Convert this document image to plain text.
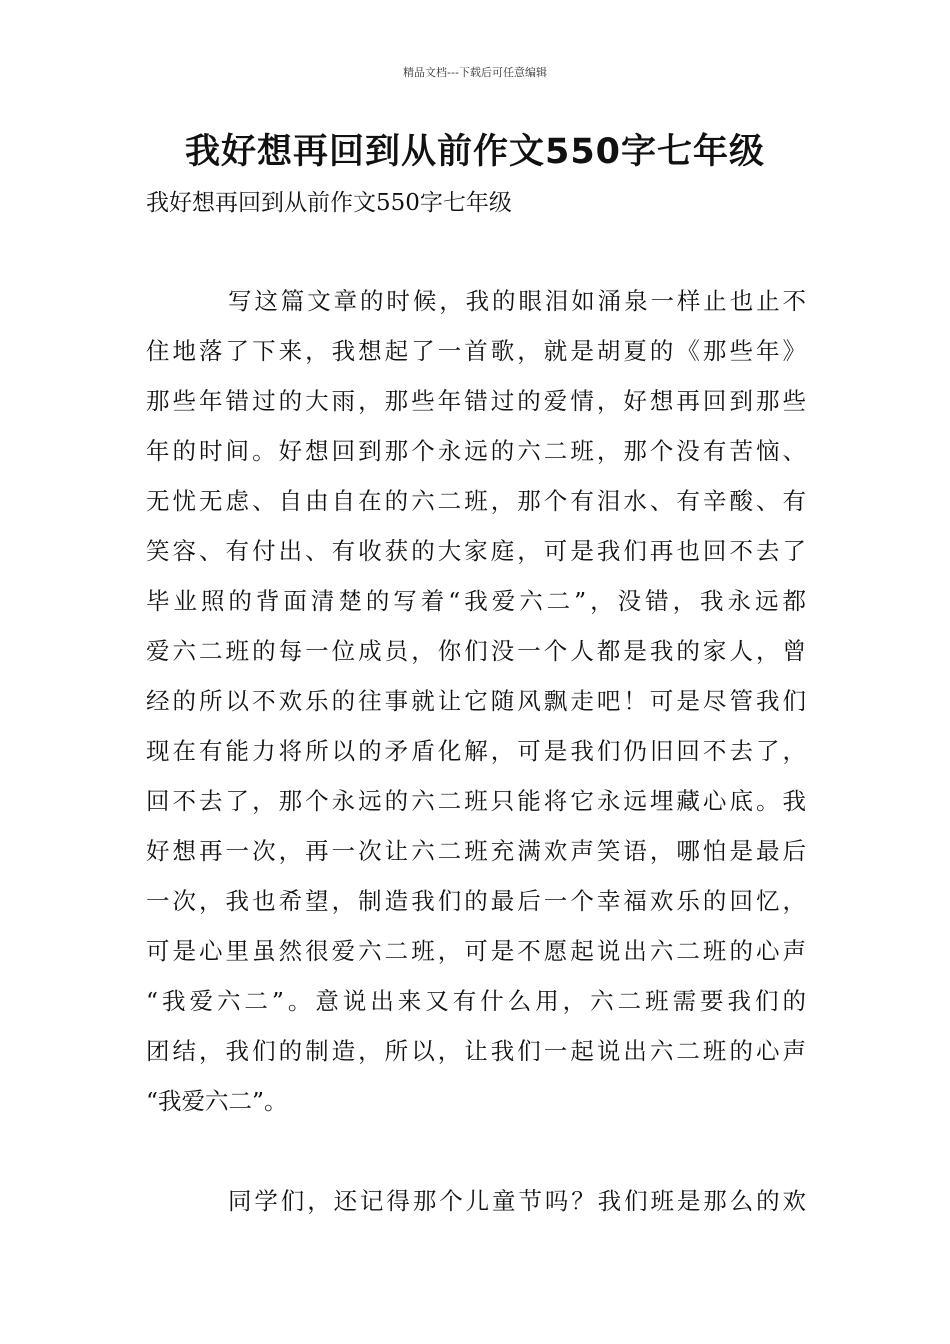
精品文档---下载后可任意编辑
我好想再回到从前作文550字七年级
我好想再回到从前作文550字七年级
写这篇文章的时候，我的眼泪如涌泉一样止也止不
住地落了下来，我想起了一首歌，就是胡夏的《那些年》
那些年错过的大雨，那些年错过的爱情，好想再回到那些
年的时间。好想回到那个永远的六二班，那个没有苦恼、
无忧无虑、自由自在的六二班，那个有泪水、有辛酸、有
笑容、有付出、有收获的大家庭，可是我们再也回不去了
毕业照的背面清楚的写着“我爱六二”，没错，我永远都
爱六二班的每一位成员，你们没一个人都是我的家人，曾
经的所以不欢乐的往事就让它随风飘走吧！可是尽管我们
现在有能力将所以的矛盾化解，可是我们仍旧回不去了，
回不去了，那个永远的六二班只能将它永远埋藏心底。我
好想再一次，再一次让六二班充满欢声笑语，哪怕是最后
一次，我也希望，制造我们的最后一个幸福欢乐的回忆，
可是心里虽然很爱六二班，可是不愿起说出六二班的心声
“我爱六二”。意说出来又有什么用，六二班需要我们的
团结，我们的制造，所以，让我们一起说出六二班的心声
“我爱六二”。
同学们，还记得那个儿童节吗？我们班是那么的欢
